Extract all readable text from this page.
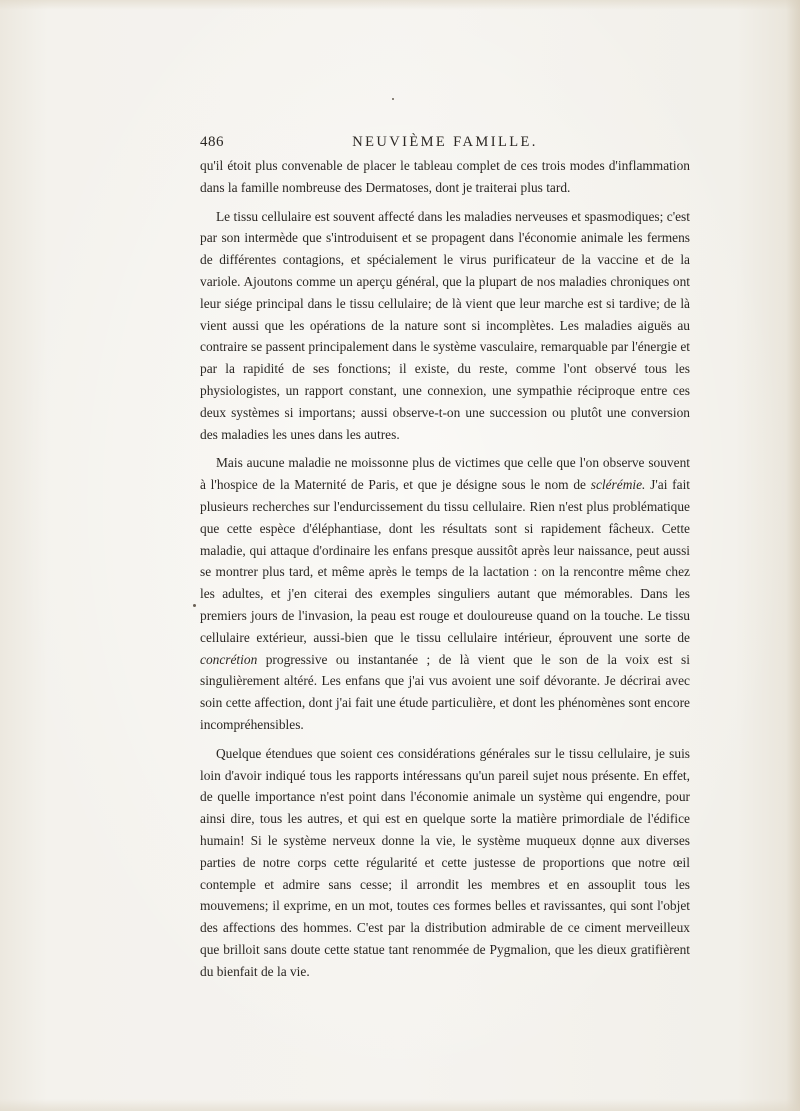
486	NEUVIÈME FAMILLE.

qu'il étoit plus convenable de placer le tableau complet de ces trois modes d'inflammation dans la famille nombreuse des Dermatoses, dont je traiterai plus tard.

Le tissu cellulaire est souvent affecté dans les maladies nerveuses et spasmodiques; c'est par son intermède que s'introduisent et se propagent dans l'économie animale les fermens de différentes contagions, et spécialement le virus purificateur de la vaccine et de la variole. Ajoutons comme un aperçu général, que la plupart de nos maladies chroniques ont leur siége principal dans le tissu cellulaire; de là vient que leur marche est si tardive; de là vient aussi que les opérations de la nature sont si incomplètes. Les maladies aiguës au contraire se passent principalement dans le système vasculaire, remarquable par l'énergie et par la rapidité de ses fonctions; il existe, du reste, comme l'ont observé tous les physiologistes, un rapport constant, une connexion, une sympathie réciproque entre ces deux systèmes si importans; aussi observe-t-on une succession ou plutôt une conversion des maladies les unes dans les autres.

Mais aucune maladie ne moissonne plus de victimes que celle que l'on observe souvent à l'hospice de la Maternité de Paris, et que je désigne sous le nom de sclérémie. J'ai fait plusieurs recherches sur l'endurcissement du tissu cellulaire. Rien n'est plus problématique que cette espèce d'éléphantiase, dont les résultats sont si rapidement fâcheux. Cette maladie, qui attaque d'ordinaire les enfans presque aussitôt après leur naissance, peut aussi se montrer plus tard, et même après le temps de la lactation : on la rencontre même chez les adultes, et j'en citerai des exemples singuliers autant que mémorables. Dans les premiers jours de l'invasion, la peau est rouge et douloureuse quand on la touche. Le tissu cellulaire extérieur, aussi-bien que le tissu cellulaire intérieur, éprouvent une sorte de concrétion progressive ou instantanée ; de là vient que le son de la voix est si singulièrement altéré. Les enfans que j'ai vus avoient une soif dévorante. Je décrirai avec soin cette affection, dont j'ai fait une étude particulière, et dont les phénomènes sont encore incompréhensibles.

Quelque étendues que soient ces considérations générales sur le tissu cellulaire, je suis loin d'avoir indiqué tous les rapports intéressans qu'un pareil sujet nous présente. En effet, de quelle importance n'est point dans l'économie animale un système qui engendre, pour ainsi dire, tous les autres, et qui est en quelque sorte la matière primordiale de l'édifice humain! Si le système nerveux donne la vie, le système muqueux donne aux diverses parties de notre corps cette régularité et cette justesse de proportions que notre œil contemple et admire sans cesse; il arrondit les membres et en assouplit tous les mouvemens; il exprime, en un mot, toutes ces formes belles et ravissantes, qui sont l'objet des affections des hommes. C'est par la distribution admirable de ce ciment merveilleux que brilloit sans doute cette statue tant renommée de Pygmalion, que les dieux gratifièrent du bienfait de la vie.
